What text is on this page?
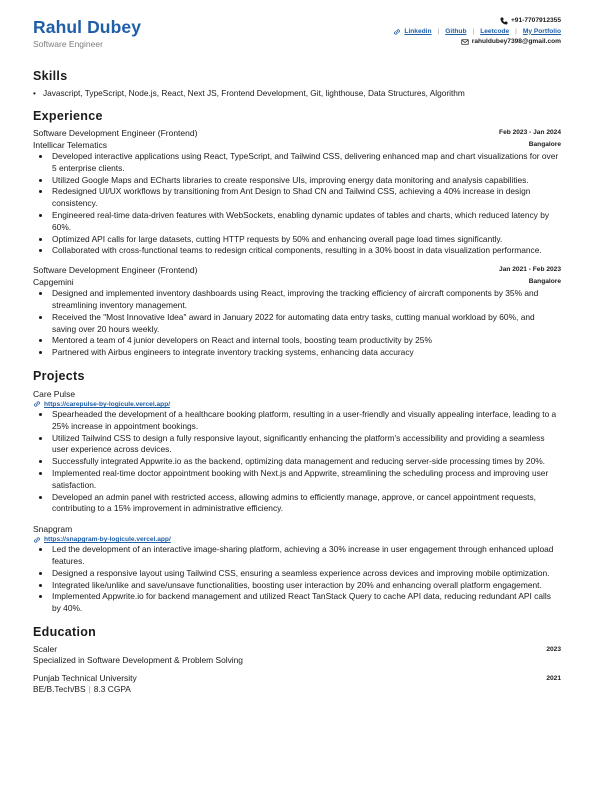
Rahul Dubey
Software Engineer
+91-7707912355
Linkedin | Github | Leetcode | My Portfolio
rahuldubey7398@gmail.com
Skills
• Javascript, TypeScript, Node.js, React, Next JS, Frontend Development, Git, lighthouse, Data Structures, Algorithm
Experience
Software Development Engineer (Frontend)	Feb 2023 - Jan 2024
Intellicar Telematics	Bangalore
• Developed interactive applications using React, TypeScript, and Tailwind CSS, delivering enhanced map and chart visualizations for over 5 enterprise clients.
• Utilized Google Maps and ECharts libraries to create responsive UIs, improving energy data monitoring and analysis capabilities.
• Redesigned UI/UX workflows by transitioning from Ant Design to Shad CN and Tailwind CSS, achieving a 40% increase in design consistency.
• Engineered real-time data-driven features with WebSockets, enabling dynamic updates of tables and charts, which reduced latency by 60%.
• Optimized API calls for large datasets, cutting HTTP requests by 50% and enhancing overall page load times significantly.
• Collaborated with cross-functional teams to redesign critical components, resulting in a 30% boost in data visualization performance.
Software Development Engineer (Frontend)	Jan 2021 - Feb 2023
Capgemini	Bangalore
• Designed and implemented inventory dashboards using React, improving the tracking efficiency of aircraft components by 35% and streamlining inventory management.
• Received the "Most Innovative Idea" award in January 2022 for automating data entry tasks, cutting manual workload by 60%, and saving over 20 hours weekly.
• Mentored a team of 4 junior developers on React and internal tools, boosting team productivity by 25%
• Partnered with Airbus engineers to integrate inventory tracking systems, enhancing data accuracy
Projects
Care Pulse
https://carepulse-by-logicule.vercel.app/
• Spearheaded the development of a healthcare booking platform, resulting in a user-friendly and visually appealing interface, leading to a 25% increase in appointment bookings.
• Utilized Tailwind CSS to design a fully responsive layout, significantly enhancing the platform's accessibility and providing a seamless user experience across devices.
• Successfully integrated Appwrite.io as the backend, optimizing data management and reducing server-side processing times by 20%.
• Implemented real-time doctor appointment booking with Next.js and Appwrite, streamlining the scheduling process and improving user satisfaction.
• Developed an admin panel with restricted access, allowing admins to efficiently manage, approve, or cancel appointment requests, contributing to a 15% improvement in administrative efficiency.
Snapgram
https://snapgram-by-logicule.vercel.app/
• Led the development of an interactive image-sharing platform, achieving a 30% increase in user engagement through enhanced upload features.
• Designed a responsive layout using Tailwind CSS, ensuring a seamless experience across devices and improving mobile optimization.
• Integrated like/unlike and save/unsave functionalities, boosting user interaction by 20% and enhancing overall platform engagement.
• Implemented Appwrite.io for backend management and utilized React TanStack Query to cache API data, reducing redundant API calls by 40%.
Education
Scaler	2023
Specialized in Software Development & Problem Solving
Punjab Technical University	2021
BE/B.Tech/BS | 8.3 CGPA
